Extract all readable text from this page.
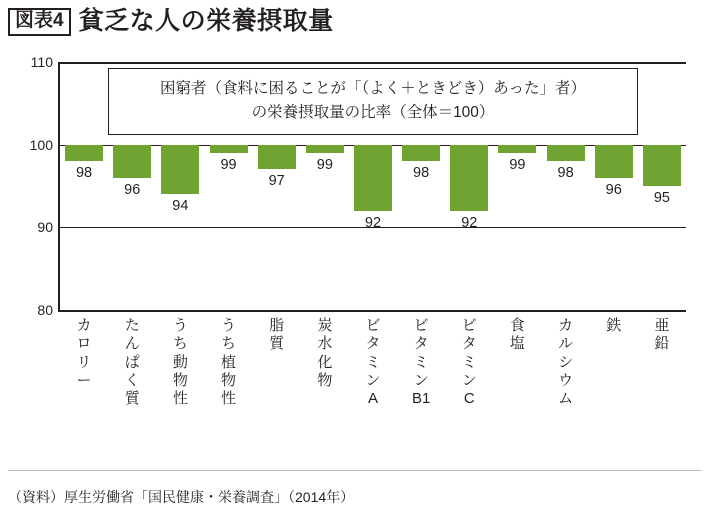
図表4 貧乏な人の栄養摂取量
80
90
100
110
困窮者（食料に困ることが「（よく＋ときどき）あった」者）
の栄養摂取量の比率（全体＝100）
98
カロリー
96
たんぱく質
94
うち動物性
99
うち植物性
97
脂質
99
炭水化物
92
ビタミンA
98
ビタミンB1
92
ビタミンC
99
食塩
98
カルシウム
96
鉄
95
亜鉛
（資料）厚生労働省「国民健康・栄養調査」（2014年）
